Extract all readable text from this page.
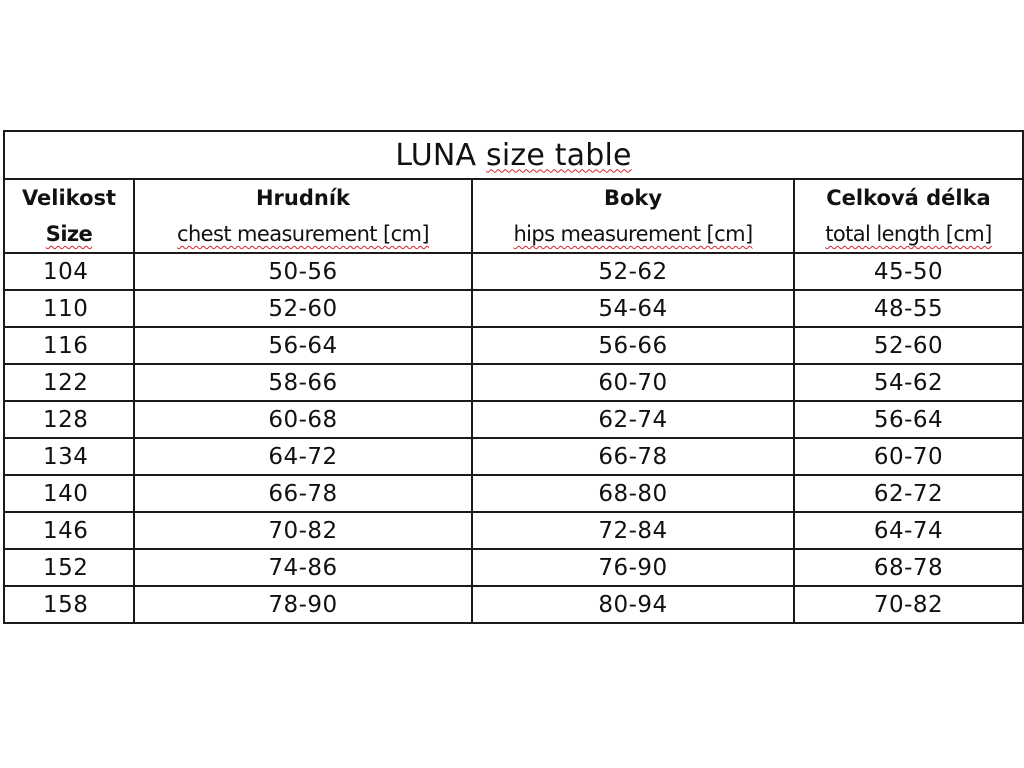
LUNA size table			
Velikost	Hrudník	Boky	Celková délka
Size	chest measurement [cm]	hips measurement [cm]	total length [cm]
104	50-56	52-62	45-50
110	52-60	54-64	48-55
116	56-64	56-66	52-60
122	58-66	60-70	54-62
128	60-68	62-74	56-64
134	64-72	66-78	60-70
140	66-78	68-80	62-72
146	70-82	72-84	64-74
152	74-86	76-90	68-78
158	78-90	80-94	70-82
